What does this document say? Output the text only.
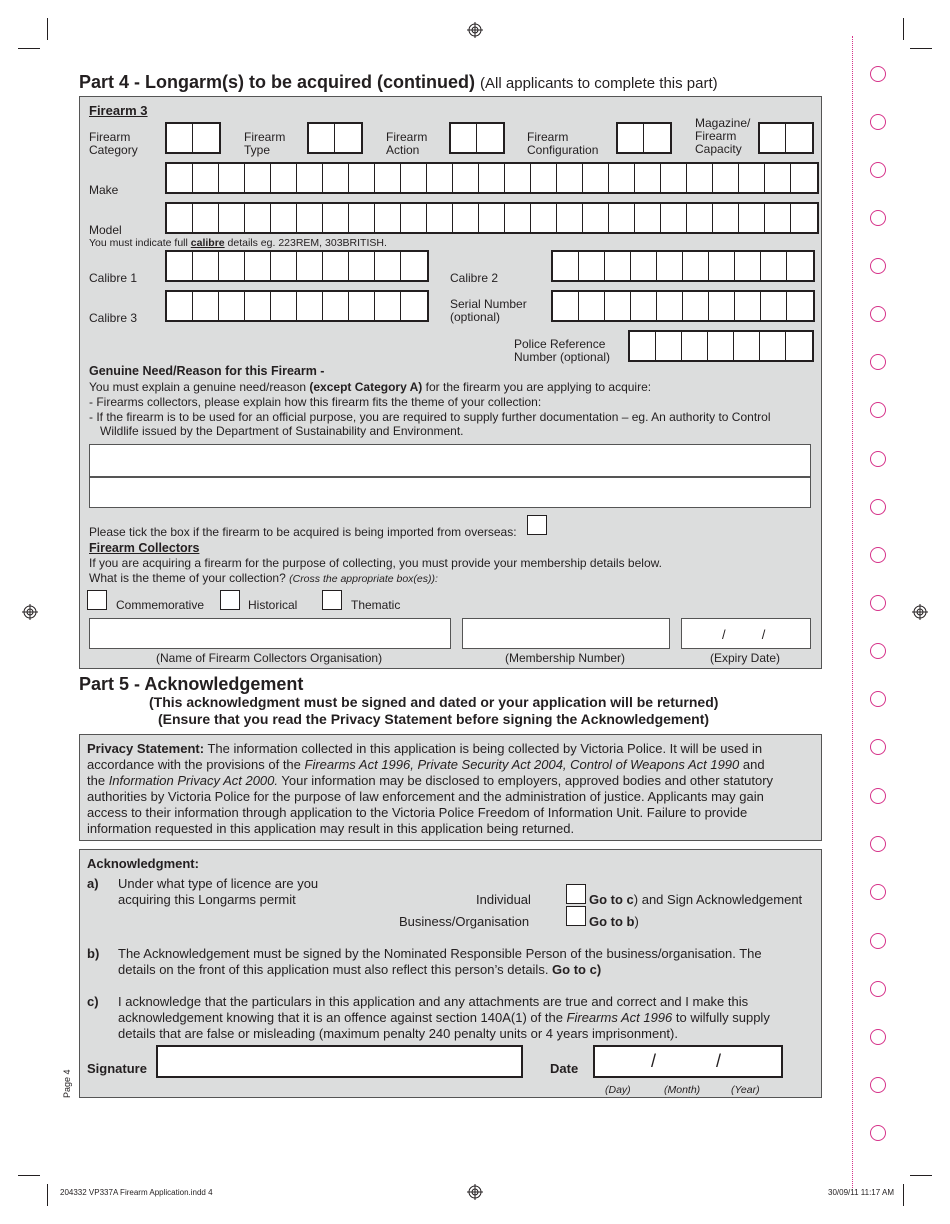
Part 4 - Longarm(s) to be acquired (continued) (All applicants to complete this part)
Firearm 3
Firearm
Category
Firearm
Type
Firearm
Action
Firearm
Configuration
Magazine/
Firearm
Capacity
Make
Model
You must indicate full calibre details eg. 223REM, 303BRITISH.
Calibre 1	Calibre 2
Calibre 3
Serial Number
(optional)
Police Reference
Number (optional)
Genuine Need/Reason for this Firearm -
You must explain a genuine need/reason (except Category A) for the firearm you are applying to acquire:
- Firearms collectors, please explain how this firearm fits the theme of your collection:
- If the firearm is to be used for an official purpose, you are required to supply further documentation – eg. An authority to Control
Wildlife issued by the Department of Sustainability and Environment.
Please tick the box if the firearm to be acquired is being imported from overseas:
Firearm Collectors
If you are acquiring a firearm for the purpose of collecting, you must provide your membership details below.
What is the theme of your collection? (Cross the appropriate box(es)):
Commemorative	Historical	Thematic
/          /
(Name of Firearm Collectors Organisation)	(Membership Number)	(Expiry Date)
Part 5 - Acknowledgement
(This acknowledgment must be signed and dated or your application will be returned)
(Ensure that you read the Privacy Statement before signing the Acknowledgement)
Privacy Statement: The information collected in this application is being collected by Victoria Police. It will be used in
accordance with the provisions of the Firearms Act 1996, Private Security Act 2004, Control of Weapons Act 1990 and
the Information Privacy Act 2000. Your information may be disclosed to employers, approved bodies and other statutory
authorities by Victoria Police for the purpose of law enforcement and the administration of justice. Applicants may gain
access to their information through application to the Victoria Police Freedom of Information Unit. Failure to provide
information requested in this application may result in this application being returned.
Acknowledgment:
a) Under what type of licence are you
acquiring this Longarms permit	Individual	Go to c) and Sign Acknowledgement
Business/Organisation	Go to b)
b) The Acknowledgement must be signed by the Nominated Responsible Person of the business/organisation. The
details on the front of this application must also reflect this person’s details. Go to c)
c) I acknowledge that the particulars in this application and any attachments are true and correct and I make this
acknowledgement knowing that it is an offence against section 140A(1) of the Firearms Act 1996 to wilfully supply
details that are false or misleading (maximum penalty 240 penalty units or 4 years imprisonment).
Signature	Date	/            /
(Day)	(Month)	(Year)
Page 4
204332 VP337A Firearm Application.indd 4	30/09/11 11:17 AM
